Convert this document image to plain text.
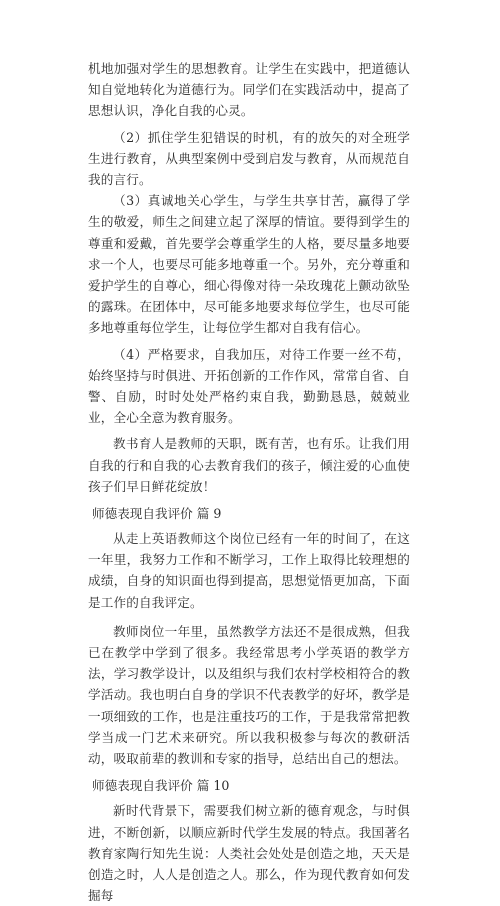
机地加强对学生的思想教育。让学生在实践中，把道德认知自觉地转化为道德行为。同学们在实践活动中，提高了思想认识，净化自我的心灵。

（2）抓住学生犯错误的时机，有的放矢的对全班学生进行教育，从典型案例中受到启发与教育，从而规范自我的言行。

（3）真诚地关心学生，与学生共享甘苦，赢得了学生的敬爱，师生之间建立起了深厚的情谊。要得到学生的尊重和爱戴，首先要学会尊重学生的人格，要尽量多地要求一个人，也要尽可能多地尊重一个。另外，充分尊重和爱护学生的自尊心，细心得像对待一朵玫瑰花上颤动欲坠的露珠。在团体中，尽可能多地要求每位学生，也尽可能多地尊重每位学生，让每位学生都对自我有信心。

（4）严格要求，自我加压，对待工作要一丝不苟，始终坚持与时俱进、开拓创新的工作作风，常常自省、自警、自励，时时处处严格约束自我，勤勤恳恳，兢兢业业，全心全意为教育服务。

教书育人是教师的天职，既有苦，也有乐。让我们用自我的行和自我的心去教育我们的孩子，倾注爱的心血使孩子们早日鲜花绽放！

师德表现自我评价 篇 9

从走上英语教师这个岗位已经有一年的时间了，在这一年里，我努力工作和不断学习，工作上取得比较理想的成绩，自身的知识面也得到提高，思想觉悟更加高，下面是工作的自我评定。

教师岗位一年里，虽然教学方法还不是很成熟，但我已在教学中学到了很多。我经常思考小学英语的教学方法，学习教学设计，以及组织与我们农村学校相符合的教学活动。我也明白自身的学识不代表教学的好坏，教学是一项细致的工作，也是注重技巧的工作，于是我常常把教学当成一门艺术来研究。所以我积极参与每次的教研活动，吸取前辈的教训和专家的指导，总结出自己的想法。

师德表现自我评价 篇 10

新时代背景下，需要我们树立新的德育观念，与时俱进，不断创新，以顺应新时代学生发展的特点。我国著名教育家陶行知先生说：人类社会处处是创造之地，天天是创造之时，人人是创造之人。那么，作为现代教育如何发掘每
